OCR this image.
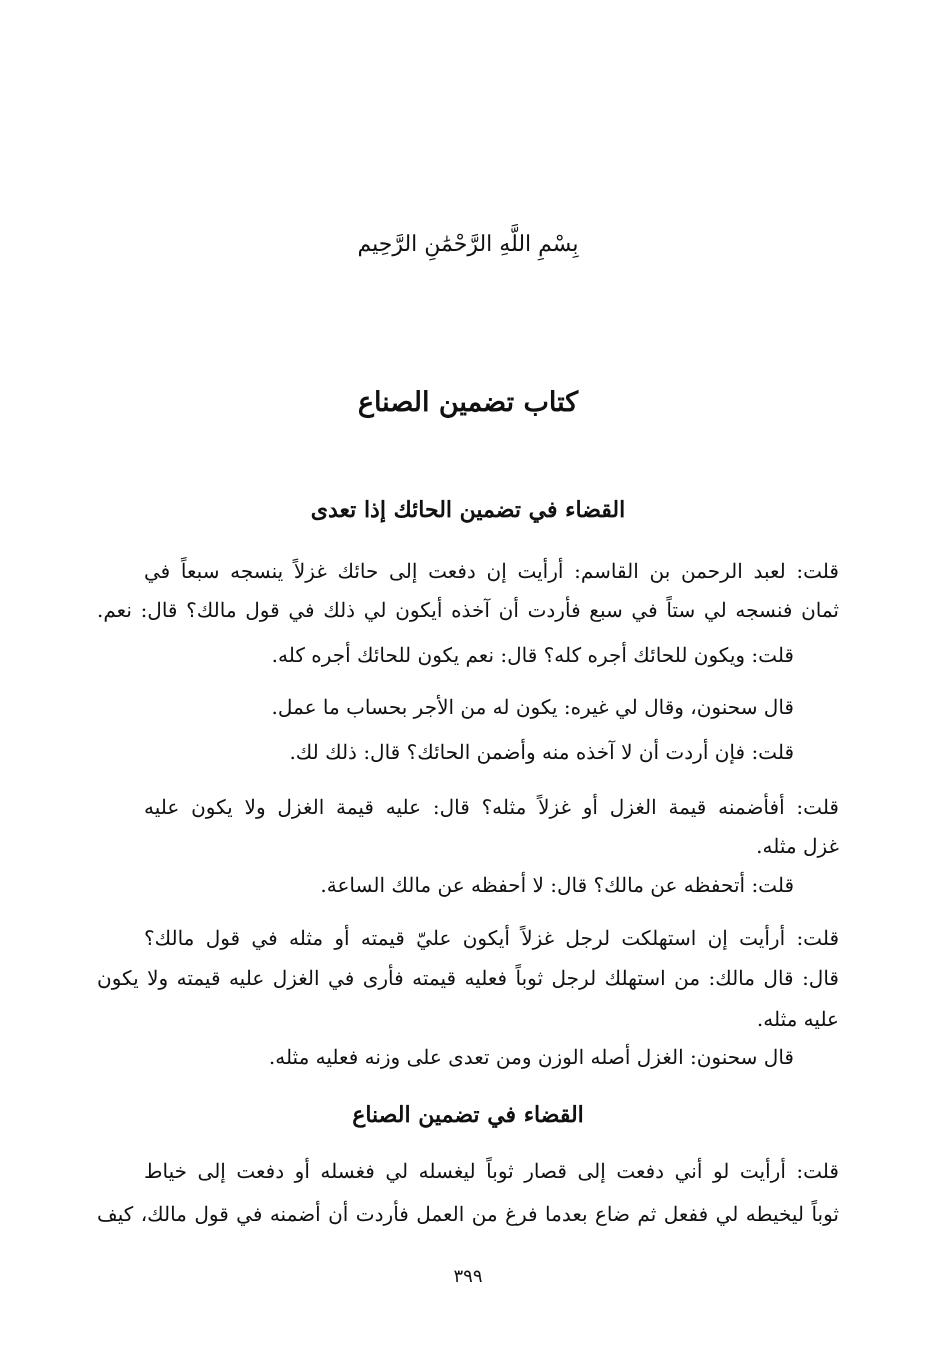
بِسْمِ اللَّهِ الرَّحْمَٰنِ الرَّحِيم
كتاب تضمين الصناع
القضاء في تضمين الحائك إذا تعدى
قلت: لعبد الرحمن بن القاسم: أرأيت إن دفعت إلى حائك غزلاً ينسجه سبعاً في
ثمان فنسجه لي ستاً في سبع فأردت أن آخذه أيكون لي ذلك في قول مالك؟ قال: نعم.
قلت: ويكون للحائك أجره كله؟ قال: نعم يكون للحائك أجره كله.
قال سحنون، وقال لي غيره: يكون له من الأجر بحساب ما عمل.
قلت: فإن أردت أن لا آخذه منه وأضمن الحائك؟ قال: ذلك لك.
قلت: أفأضمنه قيمة الغزل أو غزلاً مثله؟ قال: عليه قيمة الغزل ولا يكون عليه
غزل مثله.
قلت: أتحفظه عن مالك؟ قال: لا أحفظه عن مالك الساعة.
قلت: أرأيت إن استهلكت لرجل غزلاً أيكون عليّ قيمته أو مثله في قول مالك؟
قال: قال مالك: من استهلك لرجل ثوباً فعليه قيمته فأرى في الغزل عليه قيمته ولا يكون
عليه مثله.
قال سحنون: الغزل أصله الوزن ومن تعدى على وزنه فعليه مثله.
القضاء في تضمين الصناع
قلت: أرأيت لو أني دفعت إلى قصار ثوباً ليغسله لي فغسله أو دفعت إلى خياط
ثوباً ليخيطه لي ففعل ثم ضاع بعدما فرغ من العمل فأردت أن أضمنه في قول مالك، كيف
٣٩٩
